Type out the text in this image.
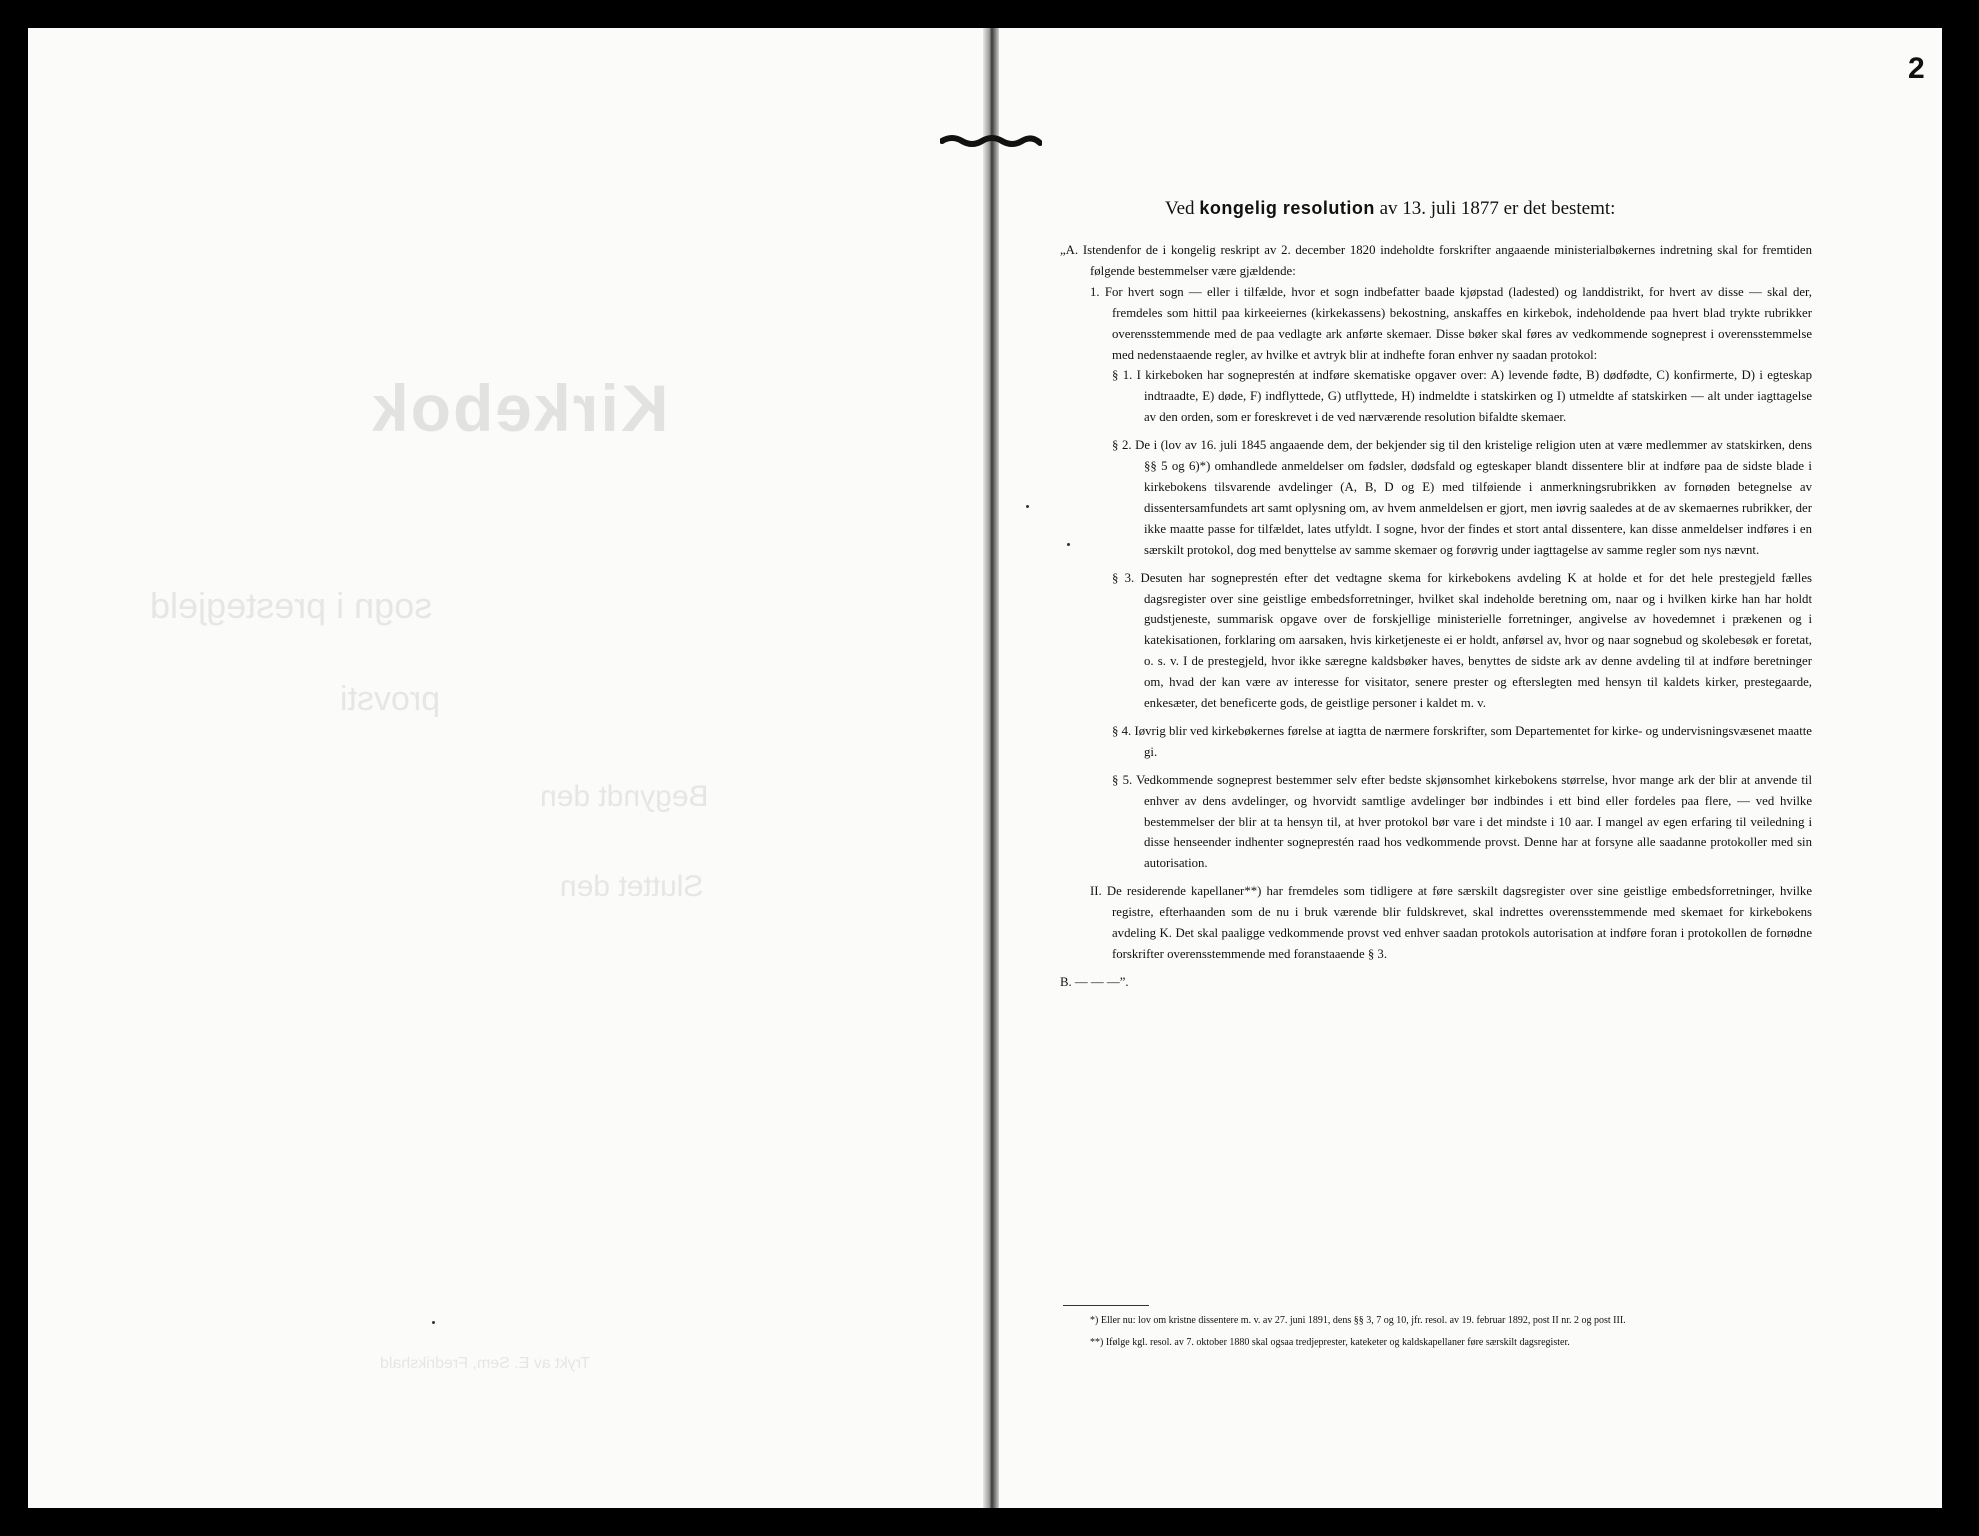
Kirkebok
sogn i prestegjeld
provsti
Begyndt den
Sluttet den
Trykt av E. Sem, Fredrikshald
2
Ved kongelig resolution av 13. juli 1877 er det bestemt:

„A. Istendenfor de i kongelig reskript av 2. december 1820 indeholdte forskrifter angaaende ministerialbøkernes indretning skal for fremtiden følgende bestemmelser være gjældende:

1. For hvert sogn — eller i tilfælde, hvor et sogn indbefatter baade kjøpstad (ladested) og landdistrikt, for hvert av disse — skal der, fremdeles som hittil paa kirkeeiernes (kirkekassens) bekostning, anskaffes en kirkebok, indeholdende paa hvert blad trykte rubrikker overensstemmende med de paa vedlagte ark anførte skemaer. Disse bøker skal føres av vedkommende sogneprest i overensstemmelse med nedenstaaende regler, av hvilke et avtryk blir at indhefte foran enhver ny saadan protokol:

§ 1. I kirkeboken har sogneprestén at indføre skematiske opgaver over: A) levende fødte, B) dødfødte, C) konfirmerte, D) i egteskap indtraadte, E) døde, F) indflyttede, G) utflyttede, H) indmeldte i statskirken og I) utmeldte af statskirken — alt under iagttagelse av den orden, som er foreskrevet i de ved nærværende resolution bifaldte skemaer.

§ 2. De i (lov av 16. juli 1845 angaaende dem, der bekjender sig til den kristelige religion uten at være medlemmer av statskirken, dens §§ 5 og 6)*) omhandlede anmeldelser om fødsler, dødsfald og egteskaper blandt dissentere blir at indføre paa de sidste blade i kirkebokens tilsvarende avdelinger (A, B, D og E) med tilføiende i anmerkningsrubrikken av fornøden betegnelse av dissentersamfundets art samt oplysning om, av hvem anmeldelsen er gjort, men iøvrig saaledes at de av skemaernes rubrikker, der ikke maatte passe for tilfældet, lates utfyldt. I sogne, hvor der findes et stort antal dissentere, kan disse anmeldelser indføres i en særskilt protokol, dog med benyttelse av samme skemaer og forøvrig under iagttagelse av samme regler som nys nævnt.

§ 3. Desuten har sogneprestén efter det vedtagne skema for kirkebokens avdeling K at holde et for det hele prestegjeld fælles dagsregister over sine geistlige embedsforretninger, hvilket skal indeholde beretning om, naar og i hvilken kirke han har holdt gudstjeneste, summarisk opgave over de forskjellige ministerielle forretninger, angivelse av hovedemnet i prækenen og i katekisationen, forklaring om aarsaken, hvis kirketjeneste ei er holdt, anførsel av, hvor og naar sognebud og skolebesøk er foretat, o. s. v. I de prestegjeld, hvor ikke særegne kaldsbøker haves, benyttes de sidste ark av denne avdeling til at indføre beretninger om, hvad der kan være av interesse for visitator, senere prester og efterslegten med hensyn til kaldets kirker, prestegaarde, enkesæter, det beneficerte gods, de geistlige personer i kaldet m. v.

§ 4. Iøvrig blir ved kirkebøkernes førelse at iagtta de nærmere forskrifter, som Departementet for kirke- og undervisningsvæsenet maatte gi.

§ 5. Vedkommende sogneprest bestemmer selv efter bedste skjønsomhet kirkebokens størrelse, hvor mange ark der blir at anvende til enhver av dens avdelinger, og hvorvidt samtlige avdelinger bør indbindes i ett bind eller fordeles paa flere, — ved hvilke bestemmelser der blir at ta hensyn til, at hver protokol bør vare i det mindste i 10 aar. I mangel av egen erfaring til veiledning i disse henseender indhenter sogneprestén raad hos vedkommende provst. Denne har at forsyne alle saadanne protokoller med sin autorisation.

II. De residerende kapellaner**) har fremdeles som tidligere at føre særskilt dagsregister over sine geistlige embedsforretninger, hvilke registre, efterhaanden som de nu i bruk værende blir fuldskrevet, skal indrettes overensstemmende med skemaet for kirkebokens avdeling K. Det skal paaligge vedkommende provst ved enhver saadan protokols autorisation at indføre foran i protokollen de fornødne forskrifter overensstemmende med foranstaaende § 3.

B. — — —”.

*) Eller nu: lov om kristne dissentere m. v. av 27. juni 1891, dens §§ 3, 7 og 10, jfr. resol. av 19. februar 1892, post II nr. 2 og post III.
**) Ifølge kgl. resol. av 7. oktober 1880 skal ogsaa tredjeprester, kateketer og kaldskapellaner føre særskilt dagsregister.
